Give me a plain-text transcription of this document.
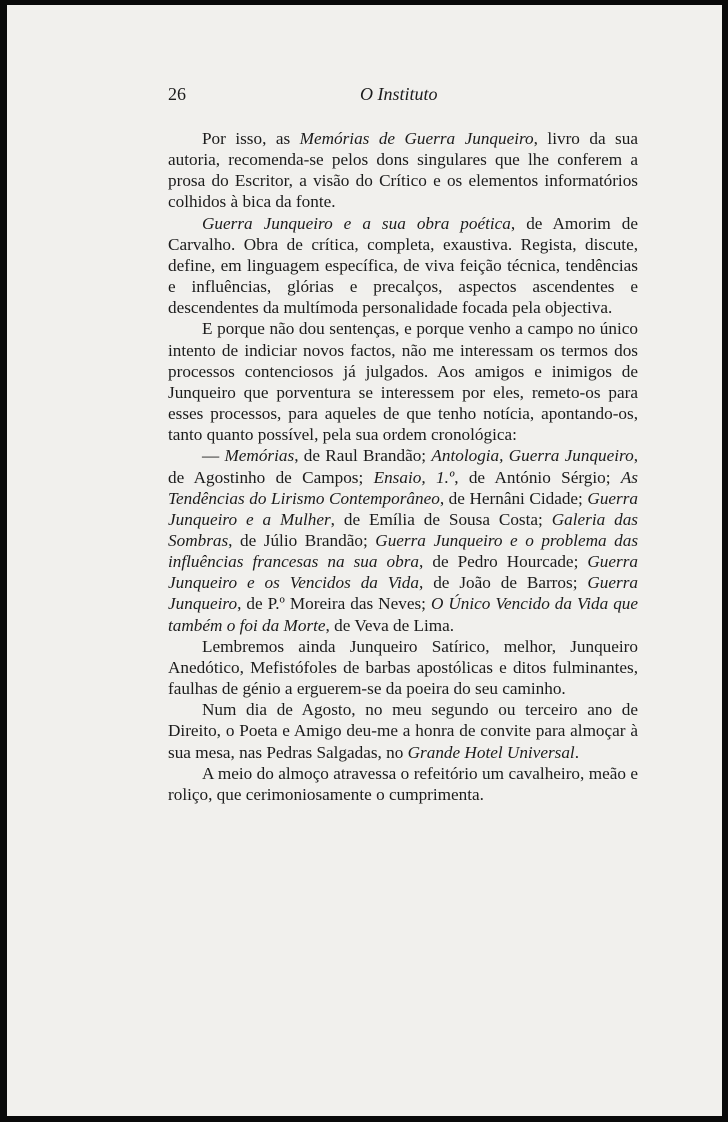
26	O Instituto

Por isso, as Memórias de Guerra Junqueiro, livro da sua autoria, recomenda-se pelos dons singulares que lhe conferem a prosa do Escritor, a visão do Crítico e os elementos informatórios colhidos à bica da fonte.

Guerra Junqueiro e a sua obra poética, de Amorim de Carvalho. Obra de crítica, completa, exaustiva. Regista, discute, define, em linguagem específica, de viva feição técnica, tendências e influências, glórias e precalços, aspectos ascendentes e descendentes da multímoda personalidade focada pela objectiva.

E porque não dou sentenças, e porque venho a campo no único intento de indiciar novos factos, não me interessam os termos dos processos contenciosos já julgados. Aos amigos e inimigos de Junqueiro que porventura se interessem por eles, remeto-os para esses processos, para aqueles de que tenho notícia, apontando-os, tanto quanto possível, pela sua ordem cronológica:

— Memórias, de Raul Brandão; Antologia, Guerra Junqueiro, de Agostinho de Campos; Ensaio, 1.º, de António Sérgio; As Tendências do Lirismo Contemporâneo, de Hernâni Cidade; Guerra Junqueiro e a Mulher, de Emília de Sousa Costa; Galeria das Sombras, de Júlio Brandão; Guerra Junqueiro e o problema das influências francesas na sua obra, de Pedro Hourcade; Guerra Junqueiro e os Vencidos da Vida, de João de Barros; Guerra Junqueiro, de P.º Moreira das Neves; O Único Vencido da Vida que também o foi da Morte, de Veva de Lima.

Lembremos ainda Junqueiro Satírico, melhor, Junqueiro Anedótico, Mefistófoles de barbas apostólicas e ditos fulminantes, faulhas de génio a erguerem-se da poeira do seu caminho.

Num dia de Agosto, no meu segundo ou terceiro ano de Direito, o Poeta e Amigo deu-me a honra de convite para almoçar à sua mesa, nas Pedras Salgadas, no Grande Hotel Universal.

A meio do almoço atravessa o refeitório um cavalheiro, meão e roliço, que cerimoniosamente o cumprimenta.
